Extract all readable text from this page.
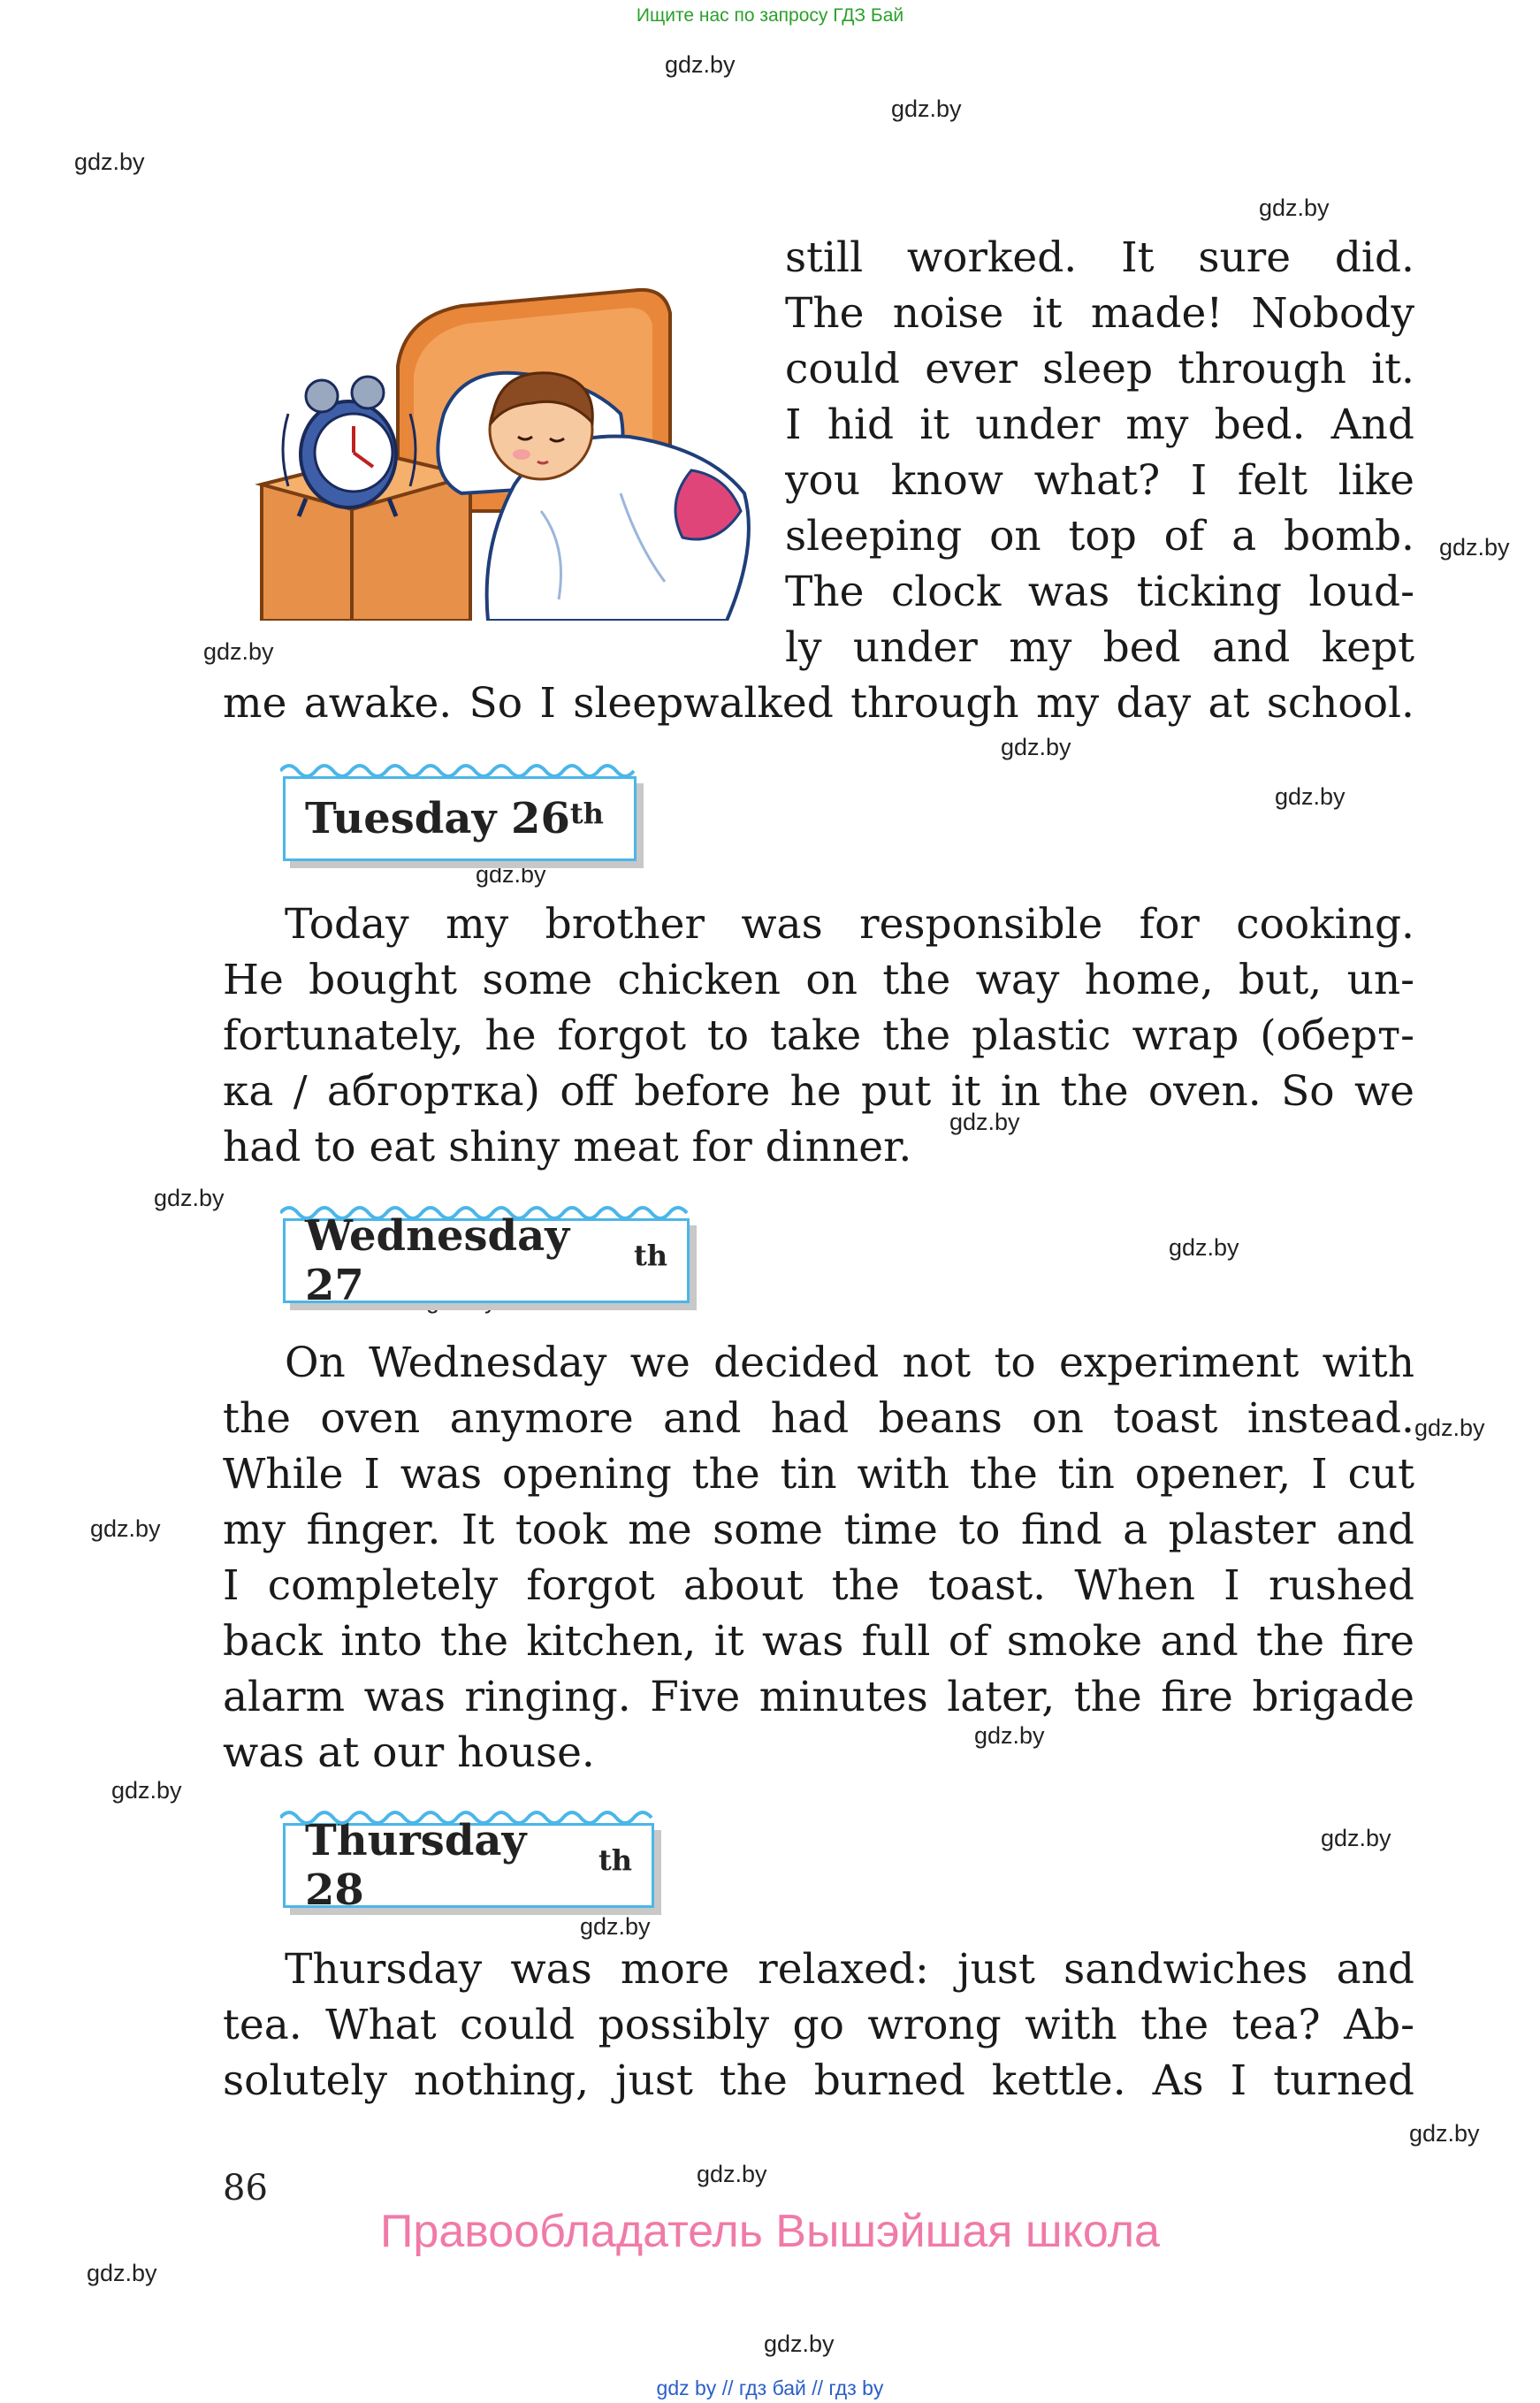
Ищите нас по запросу ГДЗ Бай
gdz.by
gdz.by
gdz.by
gdz.by
gdz.by
gdz.by
gdz.by
gdz.by
gdz.by
gdz.by
gdz.by
gdz.by
gdz.by
gdz.by
gdz.by
gdz.by
gdz.by
gdz.by
gdz.by
gdz.by
gdz.by
gdz.by
still worked. It sure did.
The noise it made! Nobody
could ever sleep through it.
I hid it under my bed. And
you know what? I felt like
sleeping on top of a bomb.
The clock was ticking loud-
ly under my bed and kept
me awake. So I sleepwalked through my day at school.
Tuesday 26th
Today my brother was responsible for cooking.
He bought some chicken on the way home, but, un-
fortunately, he forgot to take the plastic wrap (оберт-
ка / абгортка) off before he put it in the oven. So we
had to eat shiny meat for dinner.
Wednesday 27
$^{th}$
On Wednesday we decided not to experiment with
the oven anymore and had beans on toast instead.
While I was opening the tin with the tin opener, I cut
my finger. It took me some time to find a plaster and
I completely forgot about the toast. When I rushed
back into the kitchen, it was full of smoke and the fire
alarm was ringing. Five minutes later, the fire brigade
was at our house.
Thursday 28
$^{th}$
Thursday was more relaxed: just sandwiches and
tea. What could possibly go wrong with the tea? Ab-
solutely nothing, just the burned kettle. As I turned
86
Правообладатель Вышэйшая школа
gdz by // гдз бай // гдз by
